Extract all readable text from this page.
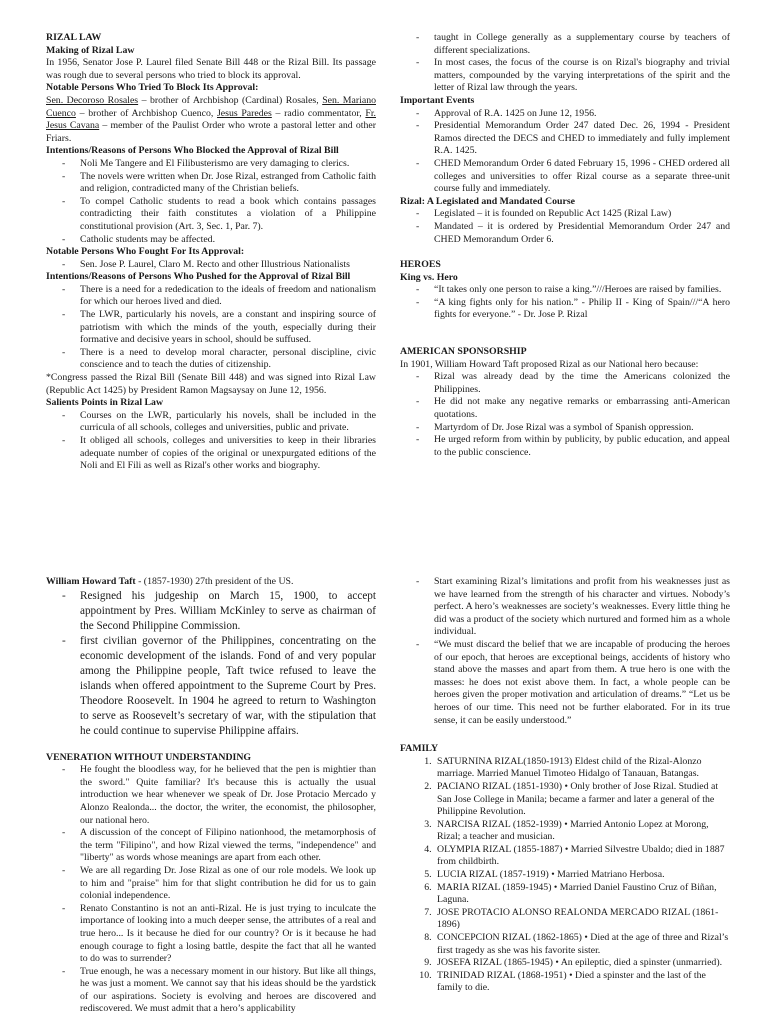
RIZAL LAW

Making of Rizal Law

In 1956, Senator Jose P. Laurel filed Senate Bill 448 or the Rizal Bill. Its passage was rough due to several persons who tried to block its approval.

Notable Persons Who Tried To Block Its Approval:

Sen. Decoroso Rosales – brother of Archbishop (Cardinal) Rosales, Sen. Mariano Cuenco – brother of Archbishop Cuenco, Jesus Paredes – radio commentator, Fr. Jesus Cavana – member of the Paulist Order who wrote a pastoral letter and other Friars.

Intentions/Reasons of Persons Who Blocked the Approval of Rizal Bill

- Noli Me Tangere and El Filibusterismo are very damaging to clerics.
- The novels were written when Dr. Jose Rizal, estranged from Catholic faith and religion, contradicted many of the Christian beliefs.
- To compel Catholic students to read a book which contains passages contradicting their faith constitutes a violation of a Philippine constitutional provision (Art. 3, Sec. 1, Par. 7).
- Catholic students may be affected.

Notable Persons Who Fought For Its Approval:

- Sen. Jose P. Laurel, Claro M. Recto and other Illustrious Nationalists

Intentions/Reasons of Persons Who Pushed for the Approval of Rizal Bill

- There is a need for a rededication to the ideals of freedom and nationalism for which our heroes lived and died.
- The LWR, particularly his novels, are a constant and inspiring source of patriotism with which the minds of the youth, especially during their formative and decisive years in school, should be suffused.
- There is a need to develop moral character, personal discipline, civic conscience and to teach the duties of citizenship.

*Congress passed the Rizal Bill (Senate Bill 448) and was signed into Rizal Law (Republic Act 1425) by President Ramon Magsaysay on June 12, 1956.

Salients Points in Rizal Law

- Courses on the LWR, particularly his novels, shall be included in the curricula of all schools, colleges and universities, public and private.
- It obliged all schools, colleges and universities to keep in their libraries adequate number of copies of the original or unexpurgated editions of the Noli and El Fili as well as Rizal's other works and biography.
- taught in College generally as a supplementary course by teachers of different specializations.
- In most cases, the focus of the course is on Rizal's biography and trivial matters, compounded by the varying interpretations of the spirit and the letter of Rizal law through the years.

Important Events

- Approval of R.A. 1425 on June 12, 1956.
- Presidential Memorandum Order 247 dated Dec. 26, 1994 - President Ramos directed the DECS and CHED to immediately and fully implement R.A. 1425.
- CHED Memorandum Order 6 dated February 15, 1996 - CHED ordered all colleges and universities to offer Rizal course as a separate three-unit course fully and immediately.

Rizal: A Legislated and Mandated Course

- Legislated – it is founded on Republic Act 1425 (Rizal Law)
- Mandated – it is ordered by Presidential Memorandum Order 247 and CHED Memorandum Order 6.

HEROES

King vs. Hero

- “It takes only one person to raise a king.”///Heroes are raised by families.
- “A king fights only for his nation.” - Philip II - King of Spain///“A hero fights for everyone.” - Dr. Jose P. Rizal

AMERICAN SPONSORSHIP

In 1901, William Howard Taft proposed Rizal as our National hero because:

- Rizal was already dead by the time the Americans colonized the Philippines.
- He did not make any negative remarks or embarrassing anti-American quotations.
- Martyrdom of Dr. Jose Rizal was a symbol of Spanish oppression.
- He urged reform from within by publicity, by public education, and appeal to the public conscience.

William Howard Taft - (1857-1930) 27th president of the US.

- Resigned his judgeship on March 15, 1900, to accept appointment by Pres. William McKinley to serve as chairman of the Second Philippine Commission.
- first civilian governor of the Philippines, concentrating on the economic development of the islands. Fond of and very popular among the Philippine people, Taft twice refused to leave the islands when offered appointment to the Supreme Court by Pres. Theodore Roosevelt. In 1904 he agreed to return to Washington to serve as Roosevelt’s secretary of war, with the stipulation that he could continue to supervise Philippine affairs.

VENERATION WITHOUT UNDERSTANDING

- He fought the bloodless way, for he believed that the pen is mightier than the sword." Quite familiar? It's because this is actually the usual introduction we hear whenever we speak of Dr. Jose Protacio Mercado y Alonzo Realonda... the doctor, the writer, the economist, the philosopher, our national hero.
- A discussion of the concept of Filipino nationhood, the metamorphosis of the term "Filipino", and how Rizal viewed the terms, "independence" and "liberty" as words whose meanings are apart from each other.
- We are all regarding Dr. Jose Rizal as one of our role models. We look up to him and "praise" him for that slight contribution he did for us to gain colonial independence.
- Renato Constantino is not an anti-Rizal. He is just trying to inculcate the importance of looking into a much deeper sense, the attributes of a real and true hero... Is it because he died for our country? Or is it because he had enough courage to fight a losing battle, despite the fact that all he wanted to do was to surrender?
- True enough, he was a necessary moment in our history. But like all things, he was just a moment. We cannot say that his ideas should be the yardstick of our aspirations. Society is evolving and heroes are discovered and rediscovered. We must admit that a hero’s applicability
- Start examining Rizal’s limitations and profit from his weaknesses just as we have learned from the strength of his character and virtues. Nobody’s perfect. A hero’s weaknesses are society’s weaknesses. Every little thing he did was a product of the society which nurtured and formed him as a whole individual.
- “We must discard the belief that we are incapable of producing the heroes of our epoch, that heroes are exceptional beings, accidents of history who stand above the masses and apart from them. A true hero is one with the masses: he does not exist above them. In fact, a whole people can be heroes given the proper motivation and articulation of dreams.” “Let us be heroes of our time. This need not be further elaborated. For in its true sense, it can be easily understood.”

FAMILY

1. SATURNINA RIZAL(1850-1913) Eldest child of the Rizal-Alonzo marriage. Married Manuel Timoteo Hidalgo of Tanauan, Batangas.
2. PACIANO RIZAL (1851-1930) • Only brother of Jose Rizal. Studied at San Jose College in Manila; became a farmer and later a general of the Philippine Revolution.
3. NARCISA RIZAL (1852-1939) • Married Antonio Lopez at Morong, Rizal; a teacher and musician.
4. OLYMPIA RIZAL (1855-1887) • Married Silvestre Ubaldo; died in 1887 from childbirth.
5. LUCIA RIZAL (1857-1919) • Married Matriano Herbosa.
6. MARIA RIZAL (1859-1945) • Married Daniel Faustino Cruz of Biñan, Laguna.
7. JOSE PROTACIO ALONSO REALONDA MERCADO RIZAL (1861-1896)
8. CONCEPCION RIZAL (1862-1865) • Died at the age of three and Rizal’s first tragedy as she was his favorite sister.
9. JOSEFA RIZAL (1865-1945) • An epileptic, died a spinster (unmarried).
10. TRINIDAD RIZAL (1868-1951) • Died a spinster and the last of the family to die.
